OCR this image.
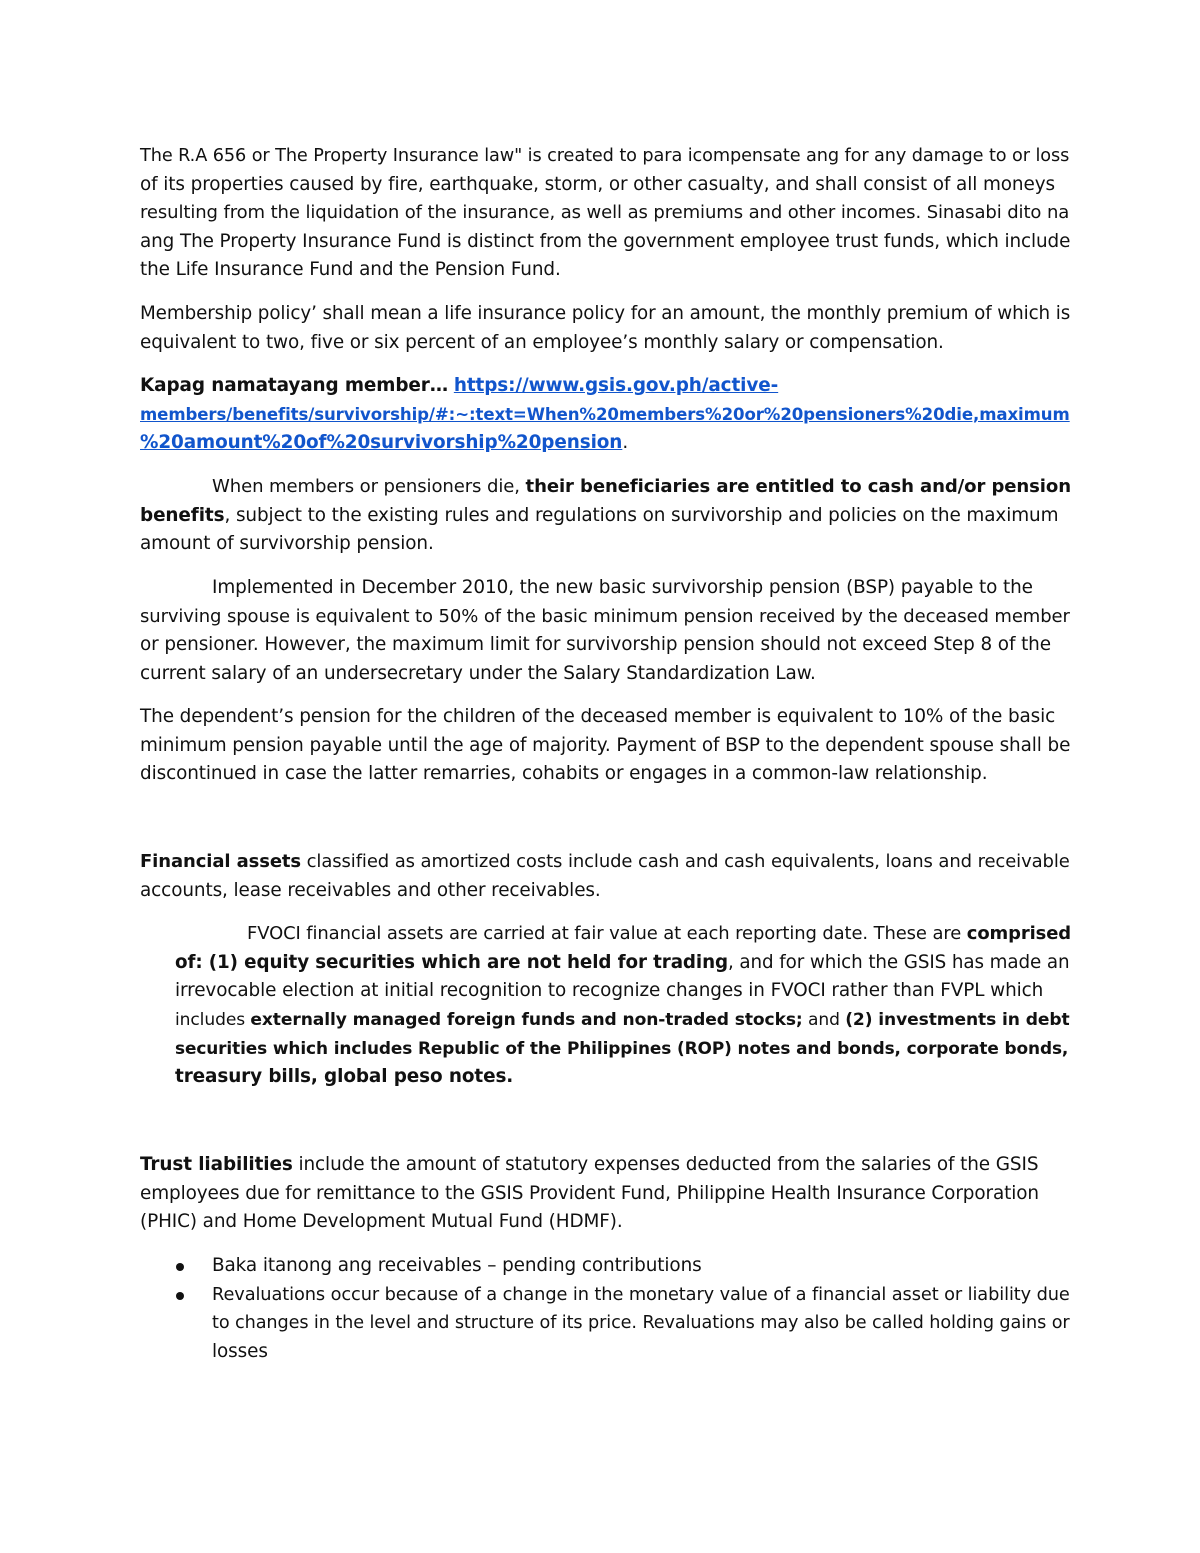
The R.A 656 or The Property Insurance law" is created to para icompensate ang for any damage to or loss
of its properties caused by fire, earthquake, storm, or other casualty, and shall consist of all moneys
resulting from the liquidation of the insurance, as well as premiums and other incomes. Sinasabi dito na
ang The Property Insurance Fund is distinct from the government employee trust funds, which include
the Life Insurance Fund and the Pension Fund.
Membership policy’ shall mean a life insurance policy for an amount, the monthly premium of which is
equivalent to two, five or six percent of an employee’s monthly salary or compensation.
Kapag namatayang member… https://www.gsis.gov.ph/active-
members/benefits/survivorship/#:~:text=When%20members%20or%20pensioners%20die,maximum
%20amount%20of%20survivorship%20pension.
When members or pensioners die, their beneficiaries are entitled to cash and/or pension
benefits, subject to the existing rules and regulations on survivorship and policies on the maximum
amount of survivorship pension.
Implemented in December 2010, the new basic survivorship pension (BSP) payable to the
surviving spouse is equivalent to 50% of the basic minimum pension received by the deceased member
or pensioner. However, the maximum limit for survivorship pension should not exceed Step 8 of the
current salary of an undersecretary under the Salary Standardization Law.
The dependent’s pension for the children of the deceased member is equivalent to 10% of the basic
minimum pension payable until the age of majority. Payment of BSP to the dependent spouse shall be
discontinued in case the latter remarries, cohabits or engages in a common-law relationship.
Financial assets classified as amortized costs include cash and cash equivalents, loans and receivable
accounts, lease receivables and other receivables.
FVOCI financial assets are carried at fair value at each reporting date. These are comprised
of: (1) equity securities which are not held for trading, and for which the GSIS has made an
irrevocable election at initial recognition to recognize changes in FVOCI rather than FVPL which
includes externally managed foreign funds and non-traded stocks; and (2) investments in debt
securities which includes Republic of the Philippines (ROP) notes and bonds, corporate bonds,
treasury bills, global peso notes.
Trust liabilities include the amount of statutory expenses deducted from the salaries of the GSIS
employees due for remittance to the GSIS Provident Fund, Philippine Health Insurance Corporation
(PHIC) and Home Development Mutual Fund (HDMF).
Baka itanong ang receivables – pending contributions
Revaluations occur because of a change in the monetary value of a financial asset or liability due
to changes in the level and structure of its price. Revaluations may also be called holding gains or
losses
